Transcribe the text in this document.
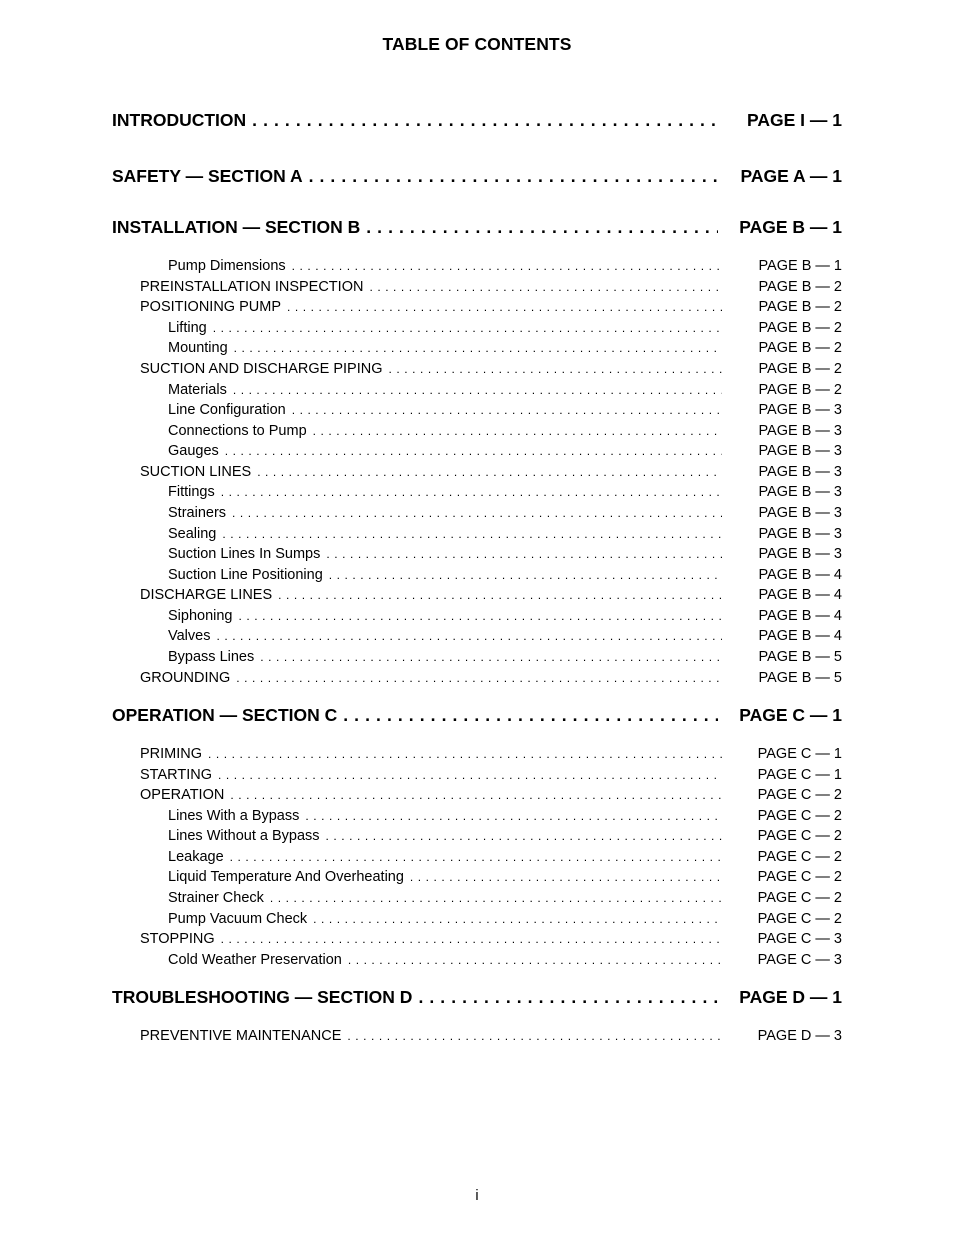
TABLE OF CONTENTS
INTRODUCTION . . .	PAGE I — 1
SAFETY — SECTION A . . .	PAGE A — 1
INSTALLATION — SECTION B . . .	PAGE B — 1
Pump Dimensions . . .	PAGE B — 1
PREINSTALLATION INSPECTION . . .	PAGE B — 2
POSITIONING PUMP . . .	PAGE B — 2
Lifting . . .	PAGE B — 2
Mounting . . .	PAGE B — 2
SUCTION AND DISCHARGE PIPING . . .	PAGE B — 2
Materials . . .	PAGE B — 2
Line Configuration . . .	PAGE B — 3
Connections to Pump . . .	PAGE B — 3
Gauges . . .	PAGE B — 3
SUCTION LINES . . .	PAGE B — 3
Fittings . . .	PAGE B — 3
Strainers . . .	PAGE B — 3
Sealing . . .	PAGE B — 3
Suction Lines In Sumps . . .	PAGE B — 3
Suction Line Positioning . . .	PAGE B — 4
DISCHARGE LINES . . .	PAGE B — 4
Siphoning . . .	PAGE B — 4
Valves . . .	PAGE B — 4
Bypass Lines . . .	PAGE B — 5
GROUNDING . . .	PAGE B — 5
OPERATION — SECTION C . . .	PAGE C — 1
PRIMING . . .	PAGE C — 1
STARTING . . .	PAGE C — 1
OPERATION . . .	PAGE C — 2
Lines With a Bypass . . .	PAGE C — 2
Lines Without a Bypass . . .	PAGE C — 2
Leakage . . .	PAGE C — 2
Liquid Temperature And Overheating . . .	PAGE C — 2
Strainer Check . . .	PAGE C — 2
Pump Vacuum Check . . .	PAGE C — 2
STOPPING . . .	PAGE C — 3
Cold Weather Preservation . . .	PAGE C — 3
TROUBLESHOOTING — SECTION D . . .	PAGE D — 1
PREVENTIVE MAINTENANCE . . .	PAGE D — 3
i
